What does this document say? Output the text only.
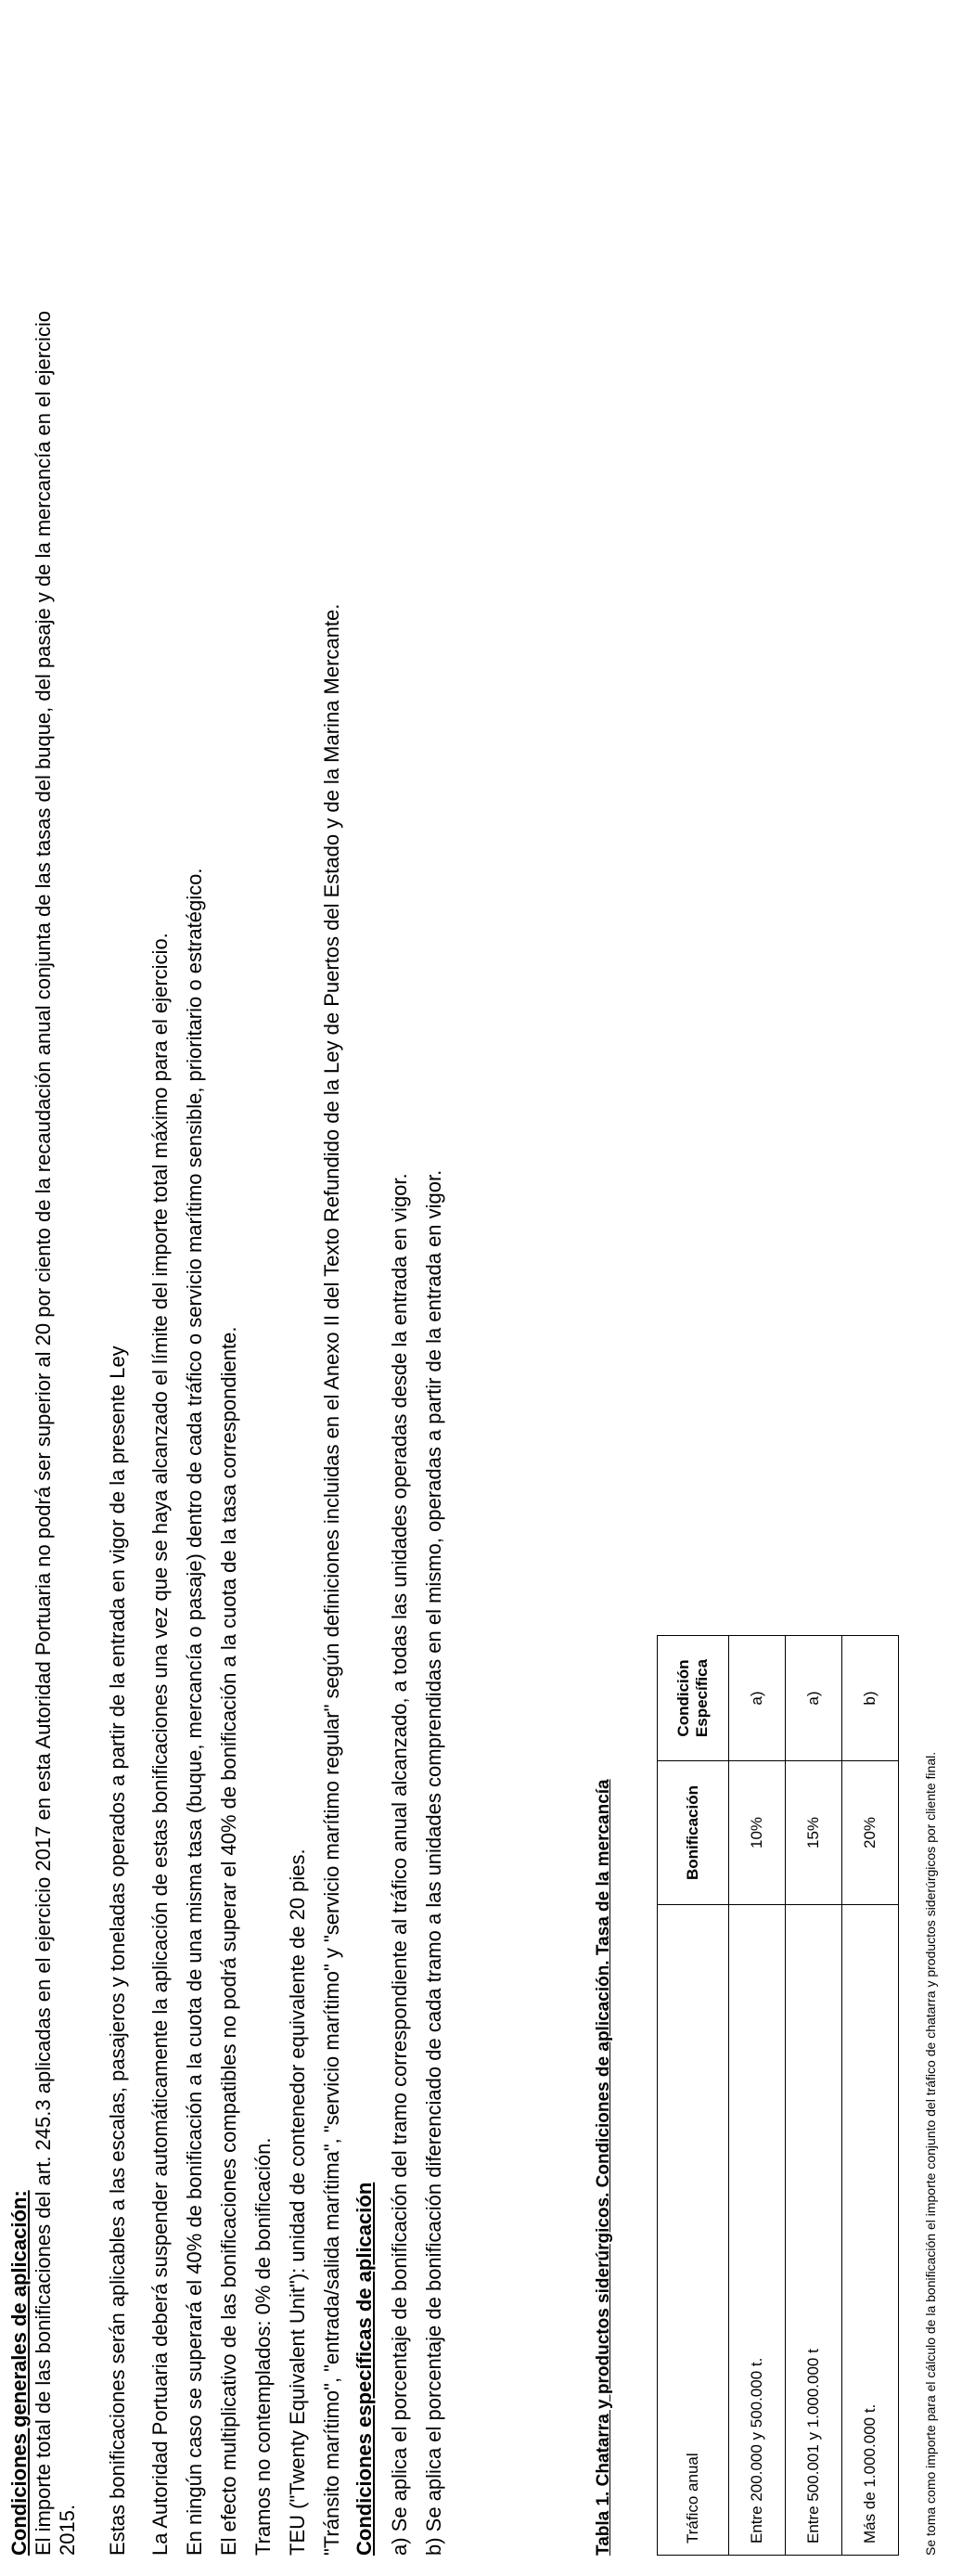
Condiciones generales de aplicación: El importe total de las bonificaciones del art. 245.3 aplicadas en el ejercicio 2017 en esta Autoridad Portuaria no podrá ser superior al 20 por ciento de la recaudación anual conjunta de las tasas del buque, del pasaje y de la mercancía en el ejercicio 2015. Estas bonificaciones serán aplicables a las escalas, pasajeros y toneladas operados a partir de la entrada en vigor de la presente Ley La Autoridad Portuaria deberá suspender automáticamente la aplicación de estas bonificaciones una vez que se haya alcanzado el límite del importe total máximo para el ejercicio. En ningún caso se superará el 40% de bonificación a la cuota de una misma tasa (buque, mercancía o pasaje) dentro de cada tráfico o servicio marítimo sensible, prioritario o estratégico. El efecto multiplicativo de las bonificaciones compatibles no podrá superar el 40% de bonificación a la cuota de la tasa correspondiente. Tramos no contemplados: 0% de bonificación. TEU ("Twenty Equivalent Unit"): unidad de contenedor equivalente de 20 pies. "Tránsito marítimo", "entrada/salida marítima", "servicio marítimo" y "servicio marítimo regular" según definiciones incluidas en el Anexo II del Texto Refundido de la Ley de Puertos del Estado y de la Marina Mercante. Condiciones específicas de aplicación a) Se aplica el porcentaje de bonificación del tramo correspondiente al tráfico anual alcanzado, a todas las unidades operadas desde la entrada en vigor. b) Se aplica el porcentaje de bonificación diferenciado de cada tramo a las unidades comprendidas en el mismo, operadas a partir de la entrada en vigor.	Tabla 1. Chatarra y productos siderúrgicos. Condiciones de aplicación. Tasa de la mercancía	Tráfico anual	Bonificación	Condición
Específica
Entre 200.000 y 500.000 t.	10%	a)
Entre 500.001 y 1.000.000 t	15%	a)
Más de 1.000.000 t.	20%	b)
Se toma como importe para el cálculo de la bonificación el importe conjunto del tráfico de chatarra y productos siderúrgicos por cliente final.
